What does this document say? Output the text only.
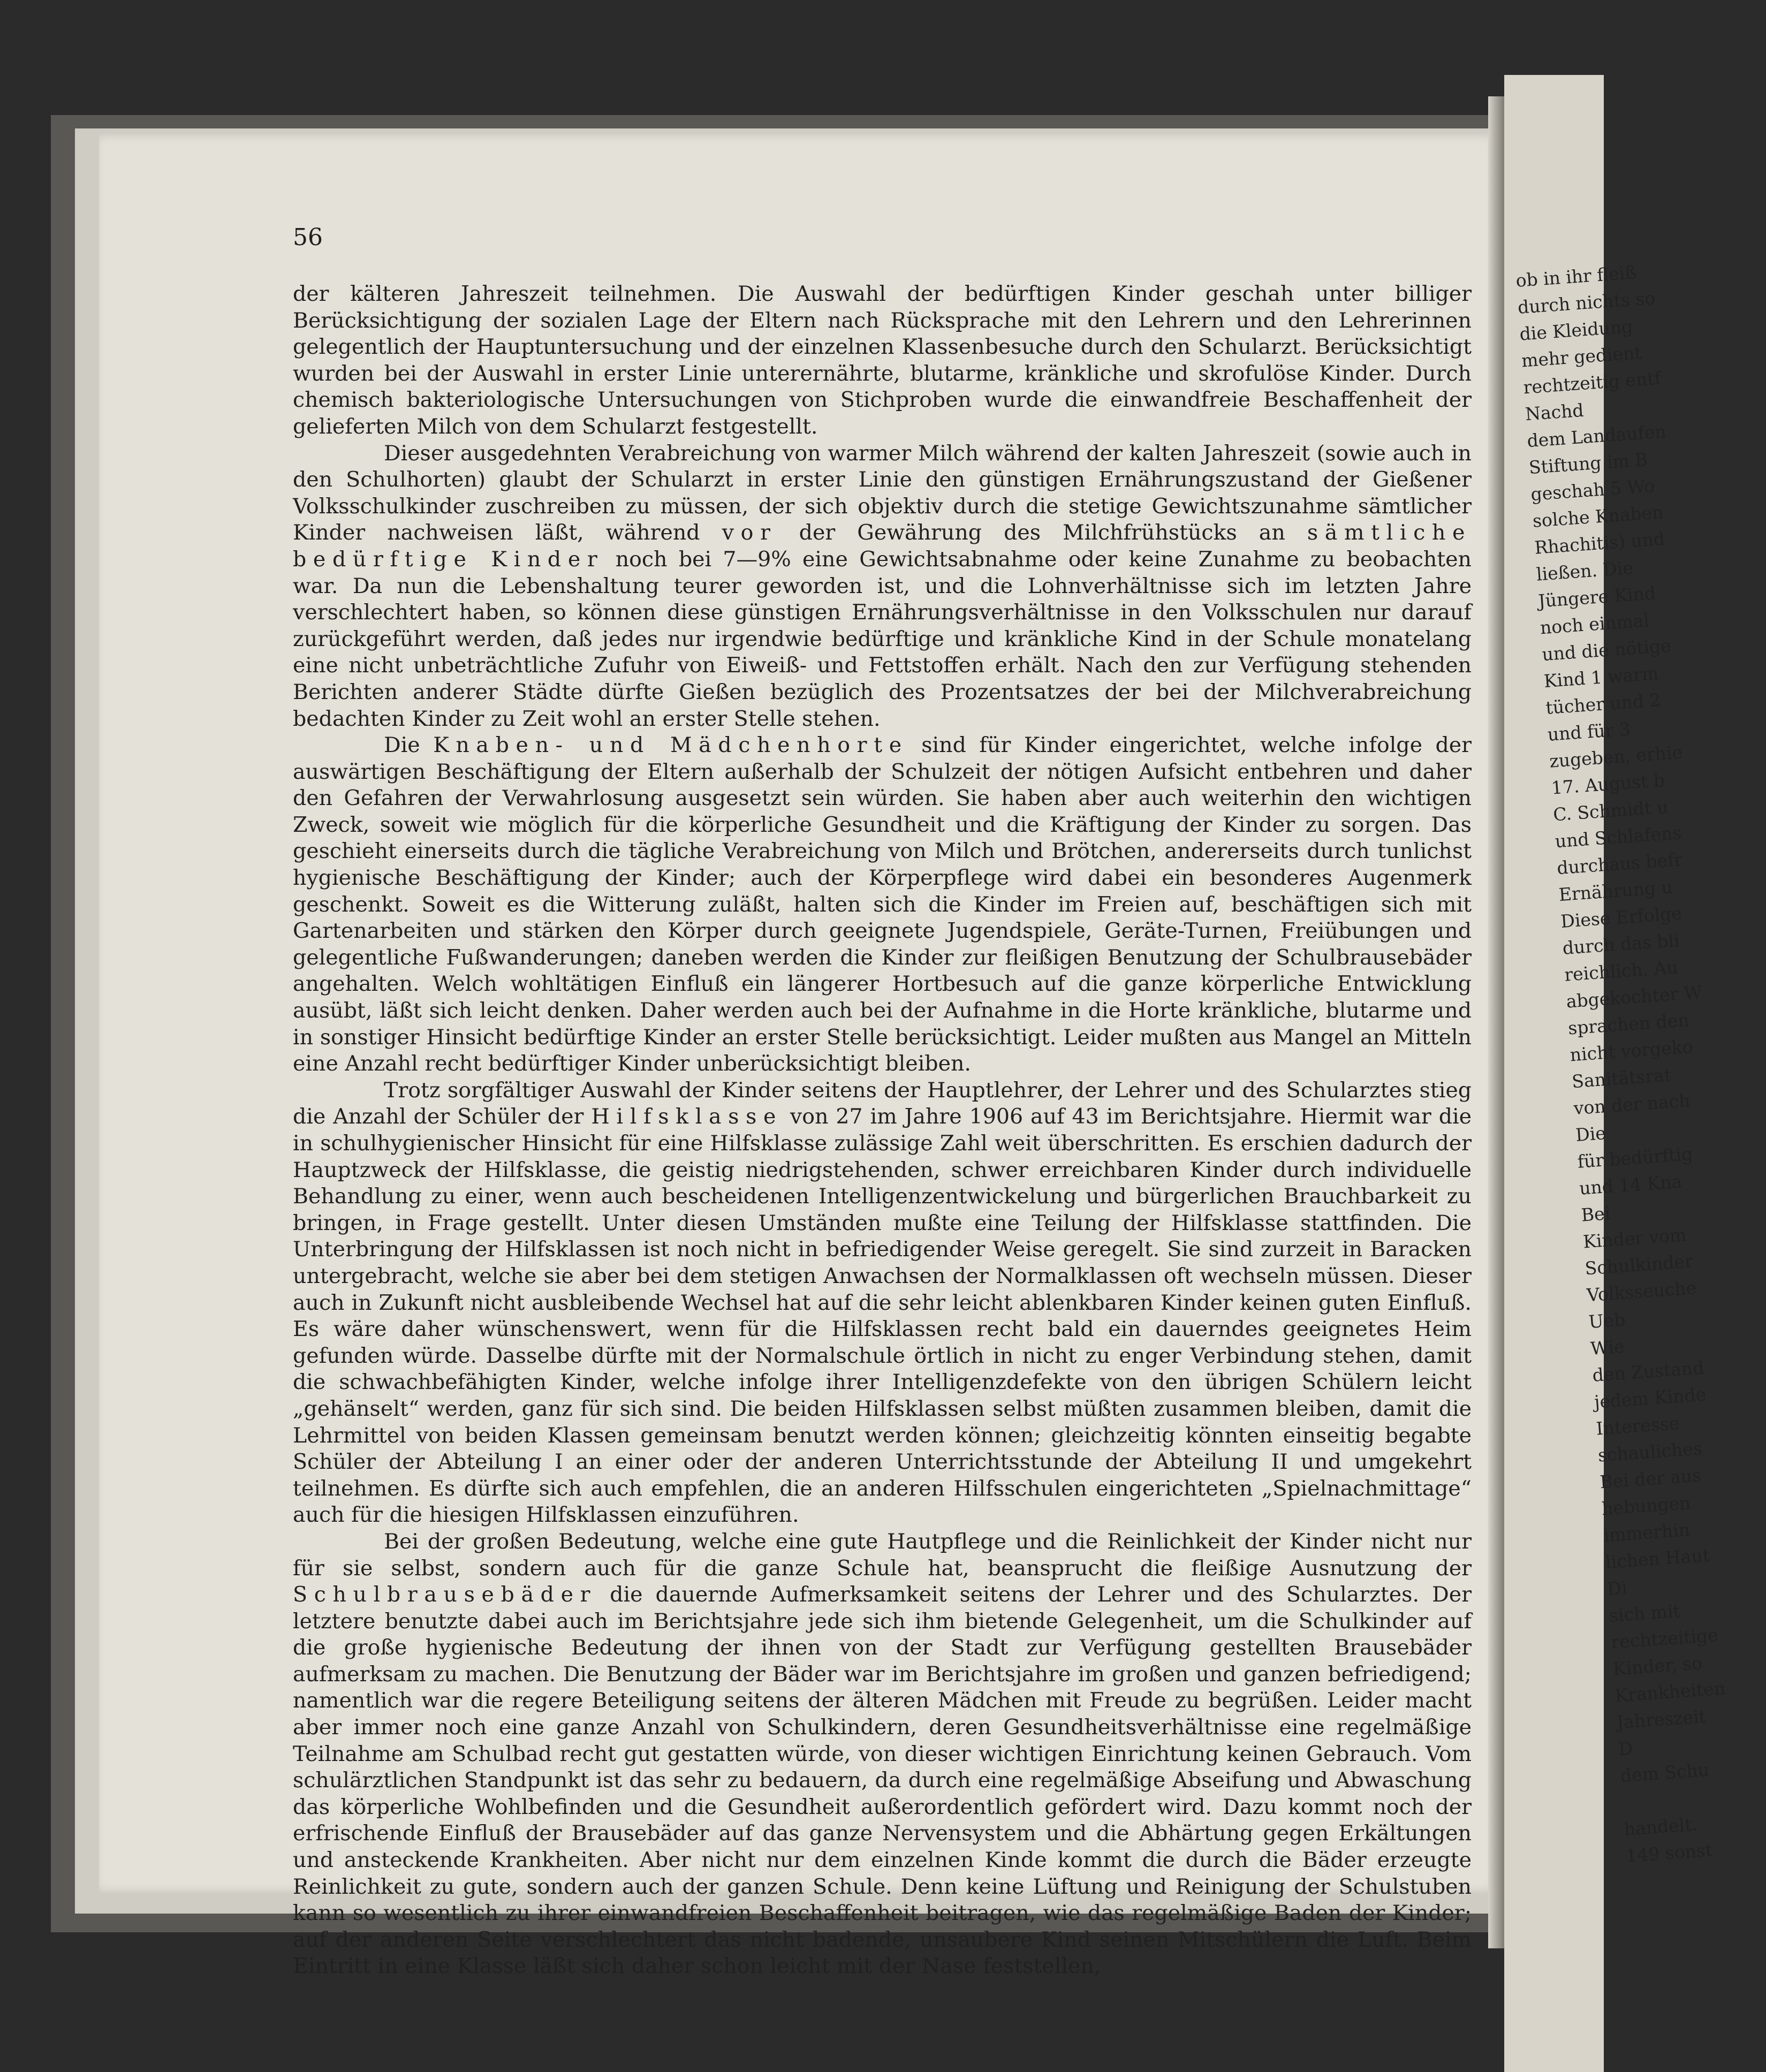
56

der kälteren Jahreszeit teilnehmen. Die Auswahl der bedürftigen Kinder geschah unter billiger Berücksichtigung der sozialen Lage der Eltern nach Rücksprache mit den Lehrern und den Lehrerinnen gelegentlich der Hauptuntersuchung und der einzelnen Klassenbesuche durch den Schularzt. Berücksichtigt wurden bei der Auswahl in erster Linie unterernährte, blutarme, kränkliche und skrofulöse Kinder. Durch chemisch bakteriologische Untersuchungen von Stichproben wurde die einwandfreie Beschaffenheit der gelieferten Milch von dem Schularzt festgestellt.

Dieser ausgedehnten Verabreichung von warmer Milch während der kalten Jahreszeit (sowie auch in den Schulhorten) glaubt der Schularzt in erster Linie den günstigen Ernährungszustand der Gießener Volksschulkinder zuschreiben zu müssen, der sich objektiv durch die stetige Gewichtszunahme sämtlicher Kinder nachweisen läßt, während vor der Gewährung des Milchfrühstücks an sämtliche bedürftige Kinder noch bei 7—9% eine Gewichtsabnahme oder keine Zunahme zu beobachten war. Da nun die Lebenshaltung teurer geworden ist, und die Lohnverhältnisse sich im letzten Jahre verschlechtert haben, so können diese günstigen Ernährungsverhältnisse in den Volksschulen nur darauf zurückgeführt werden, daß jedes nur irgendwie bedürftige und kränkliche Kind in der Schule monatelang eine nicht unbeträchtliche Zufuhr von Eiweiß- und Fettstoffen erhält. Nach den zur Verfügung stehenden Berichten anderer Städte dürfte Gießen bezüglich des Prozentsatzes der bei der Milchverabreichung bedachten Kinder zu Zeit wohl an erster Stelle stehen.

Die Knaben- und Mädchenhorte sind für Kinder eingerichtet, welche infolge der auswärtigen Beschäftigung der Eltern außerhalb der Schulzeit der nötigen Aufsicht entbehren und daher den Gefahren der Verwahrlosung ausgesetzt sein würden. Sie haben aber auch weiterhin den wichtigen Zweck, soweit wie möglich für die körperliche Gesundheit und die Kräftigung der Kinder zu sorgen. Das geschieht einerseits durch die tägliche Verabreichung von Milch und Brötchen, andererseits durch tunlichst hygienische Beschäftigung der Kinder; auch der Körperpflege wird dabei ein besonderes Augenmerk geschenkt. Soweit es die Witterung zuläßt, halten sich die Kinder im Freien auf, beschäftigen sich mit Gartenarbeiten und stärken den Körper durch geeignete Jugendspiele, Geräte-Turnen, Freiübungen und gelegentliche Fußwanderungen; daneben werden die Kinder zur fleißigen Benutzung der Schulbrausebäder angehalten. Welch wohltätigen Einfluß ein längerer Hortbesuch auf die ganze körperliche Entwicklung ausübt, läßt sich leicht denken. Daher werden auch bei der Aufnahme in die Horte kränkliche, blutarme und in sonstiger Hinsicht bedürftige Kinder an erster Stelle berücksichtigt. Leider mußten aus Mangel an Mitteln eine Anzahl recht bedürftiger Kinder unberücksichtigt bleiben.

Trotz sorgfältiger Auswahl der Kinder seitens der Hauptlehrer, der Lehrer und des Schularztes stieg die Anzahl der Schüler der Hilfsklasse von 27 im Jahre 1906 auf 43 im Berichtsjahre. Hiermit war die in schulhygienischer Hinsicht für eine Hilfsklasse zulässige Zahl weit überschritten. Es erschien dadurch der Hauptzweck der Hilfsklasse, die geistig niedrigstehenden, schwer erreichbaren Kinder durch individuelle Behandlung zu einer, wenn auch bescheidenen Intelligenzentwickelung und bürgerlichen Brauchbarkeit zu bringen, in Frage gestellt. Unter diesen Umständen mußte eine Teilung der Hilfsklasse stattfinden. Die Unterbringung der Hilfsklassen ist noch nicht in befriedigender Weise geregelt. Sie sind zurzeit in Baracken untergebracht, welche sie aber bei dem stetigen Anwachsen der Normalklassen oft wechseln müssen. Dieser auch in Zukunft nicht ausbleibende Wechsel hat auf die sehr leicht ablenkbaren Kinder keinen guten Einfluß. Es wäre daher wünschenswert, wenn für die Hilfsklassen recht bald ein dauerndes geeignetes Heim gefunden würde. Dasselbe dürfte mit der Normalschule örtlich in nicht zu enger Verbindung stehen, damit die schwachbefähigten Kinder, welche infolge ihrer Intelligenzdefekte von den übrigen Schülern leicht „gehänselt“ werden, ganz für sich sind. Die beiden Hilfsklassen selbst müßten zusammen bleiben, damit die Lehrmittel von beiden Klassen gemeinsam benutzt werden können; gleichzeitig könnten einseitig begabte Schüler der Abteilung I an einer oder der anderen Unterrichtsstunde der Abteilung II und umgekehrt teilnehmen. Es dürfte sich auch empfehlen, die an anderen Hilfsschulen eingerichteten „Spielnachmittage“ auch für die hiesigen Hilfsklassen einzuführen.

Bei der großen Bedeutung, welche eine gute Hautpflege und die Reinlichkeit der Kinder nicht nur für sie selbst, sondern auch für die ganze Schule hat, beansprucht die fleißige Ausnutzung der Schulbrausebäder die dauernde Aufmerksamkeit seitens der Lehrer und des Schularztes. Der letztere benutzte dabei auch im Berichtsjahre jede sich ihm bietende Gelegenheit, um die Schulkinder auf die große hygienische Bedeutung der ihnen von der Stadt zur Verfügung gestellten Brausebäder aufmerksam zu machen. Die Benutzung der Bäder war im Berichtsjahre im großen und ganzen befriedigend; namentlich war die regere Beteiligung seitens der älteren Mädchen mit Freude zu begrüßen. Leider macht aber immer noch eine ganze Anzahl von Schulkindern, deren Gesundheitsverhältnisse eine regelmäßige Teilnahme am Schulbad recht gut gestatten würde, von dieser wichtigen Einrichtung keinen Gebrauch. Vom schulärztlichen Standpunkt ist das sehr zu bedauern, da durch eine regelmäßige Abseifung und Abwaschung das körperliche Wohlbefinden und die Gesundheit außerordentlich gefördert wird. Dazu kommt noch der erfrischende Einfluß der Brausebäder auf das ganze Nervensystem und die Abhärtung gegen Erkältungen und ansteckende Krankheiten. Aber nicht nur dem einzelnen Kinde kommt die durch die Bäder erzeugte Reinlichkeit zu gute, sondern auch der ganzen Schule. Denn keine Lüftung und Reinigung der Schulstuben kann so wesentlich zu ihrer einwandfreien Beschaffenheit beitragen, wie das regelmäßige Baden der Kinder; auf der anderen Seite verschlechtert das nicht badende, unsaubere Kind seinen Mitschülern die Luft. Beim Eintritt in eine Klasse läßt sich daher schon leicht mit der Nase feststellen,

ob in ihr fleiß
durch nichts so
die Kleidung
mehr gedient
rechtzeitig entf
Nachd
dem Landaufen
Stiftung im B
geschah 5 Wo
solche Knaben
Rhachitis) und
ließen. Die
Jüngere Kind
noch einmal
und die nötige
Kind 1 warm
tücher und 2
und für 3
zugeben, erhie
17. August b
C. Schmidt u
und Schlafens
durchaus befr
Ernährung u
Diese Erfolge
durch das bli
reichlich. Au
abgekochter W
sprachen den
nicht vorgeko
Sanitätsrat
von der nach
Die
für bedürftig
und 14 Kna
Bei
Kinder vom
Schulkinder
Volksseuche
Ueb
Wie
den Zustand
jedem Kinde
Interesse
schauliches
Bei der aus
hebungen
immerhin
lichen Haut
Di
sich mit
rechtzeitige
Kinder, so
Krankheiten
Jahreszeit
D
dem Schu
handelt.
149 sonst
